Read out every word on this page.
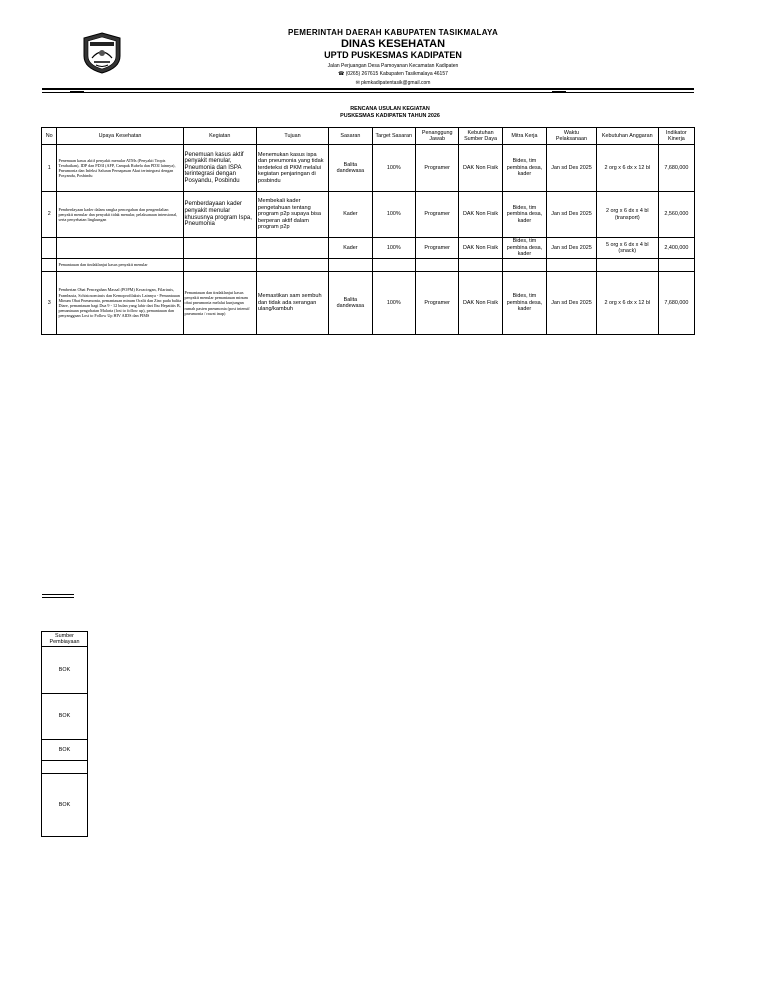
PEMERINTAH DAERAH KABUPATEN TASIKMALAYA
DINAS KESEHATAN
UPTD PUSKESMAS KADIPATEN
Jalan Perjuangan Desa Pamoyanan Kecamatan Kadipaten
☎ (0265) 267615 Kabupaten Tasikmalaya 46157
✉ pkmkadipatentasik@gmail.com
RENCANA USULAN KEGIATAN
PUSKESMAS KADIPATEN TAHUN 2026
No	Upaya Kesehatan	Kegiatan	Tujuan	Sasaran	Target Sasaran	Penanggung Jawab	Kebutuhan Sumber Daya	Mitra Kerja	Waktu Pelaksanaan	Kebutuhan Anggaran	Indikator Kinerja
1	Penemuan kasus aktif penyakit menular ATMs (Penyakit Tropis Terabaikan), IDP dan PD3I (AFP, Campak Rubela dan PD3I lainnya), Pneumonia dan Infeksi Saluran Pernapasan Akut terintegrasi dengan Posyandu, Posbindu	Penemuan kasus aktif penyakit menular, Pneumonia dan ISPA terintegrasi dengan Posyandu, Posbindu	Menemukan kasus ispa dan pneumonia yang tidak terdeteksi di PKM melalui kegiatan penjaringan di posbindu	Balita dandewasa	100%	Programer	DAK Non Fisik	Bides, tim pembina desa, kader	Jan sd Des 2025	2 org x 6 dx x 12 bl	7,680,000
2	Pemberdayaan kader dalam rangka pencegahan dan pengendalian penyakit menular dan penyakit tidak menular, pelaksanaan intensional, serta penyehatan lingkungan	Pemberdayaan kader penyakit menular khususnya program Ispa, Pneumonia	Membekali kader pengetahuan tentang program p2p supaya bisa berperan aktif dalam program p2p	Kader	100%	Programer	DAK Non Fisik	Bides, tim pembina desa, kader	Jan sd Des 2025	2 org x 6 dx x 4 bl (transport)	2,560,000
				Kader	100%	Programer	DAK Non Fisik	Bides, tim pembina desa, kader	Jan sd Des 2025	5 org x 6 dx x 4 bl (snack)	2,400,000
	Pemantauan dan tindaklanjut kasus penyakit menular										
3	Pemberian Obat Pencegahan Massal (POPM) Kecacingan, Filariasis, Frambusia, Schistosomiasis dan Kemoprofilaksis Lainnya - Pemantauan Minum Obat Pneumonia, pemantauan minum Oralit dan Zinc pada balita Diare, pemantauan bagi Dua 9 - 12 bulan yang lahir dari Ibu Hepatitis B, pemantauan pengobatan Malaria (lost to follow up), pemantauan dan penyanggaan Lost to Follow Up HIV AIDS dan PIMS	Pemantauan dan tindaklanjut kasus penyakit menular pemantauan minum obat pneumonia melalui kunjungan rumah pasien pneumonia (post intensif pneumonia / rawat inap)	Memastikan sam sembuh dan tidak ada serangan ulang/kambuh	Balita dandewasa	100%	Programer	DAK Non Fisik	Bides, tim pembina desa, kader	Jan sd Des 2025	2 org x 6 dx x 12 bl	7,680,000
Sumber Pembiayaan
BOK
BOK
BOK

BOK
